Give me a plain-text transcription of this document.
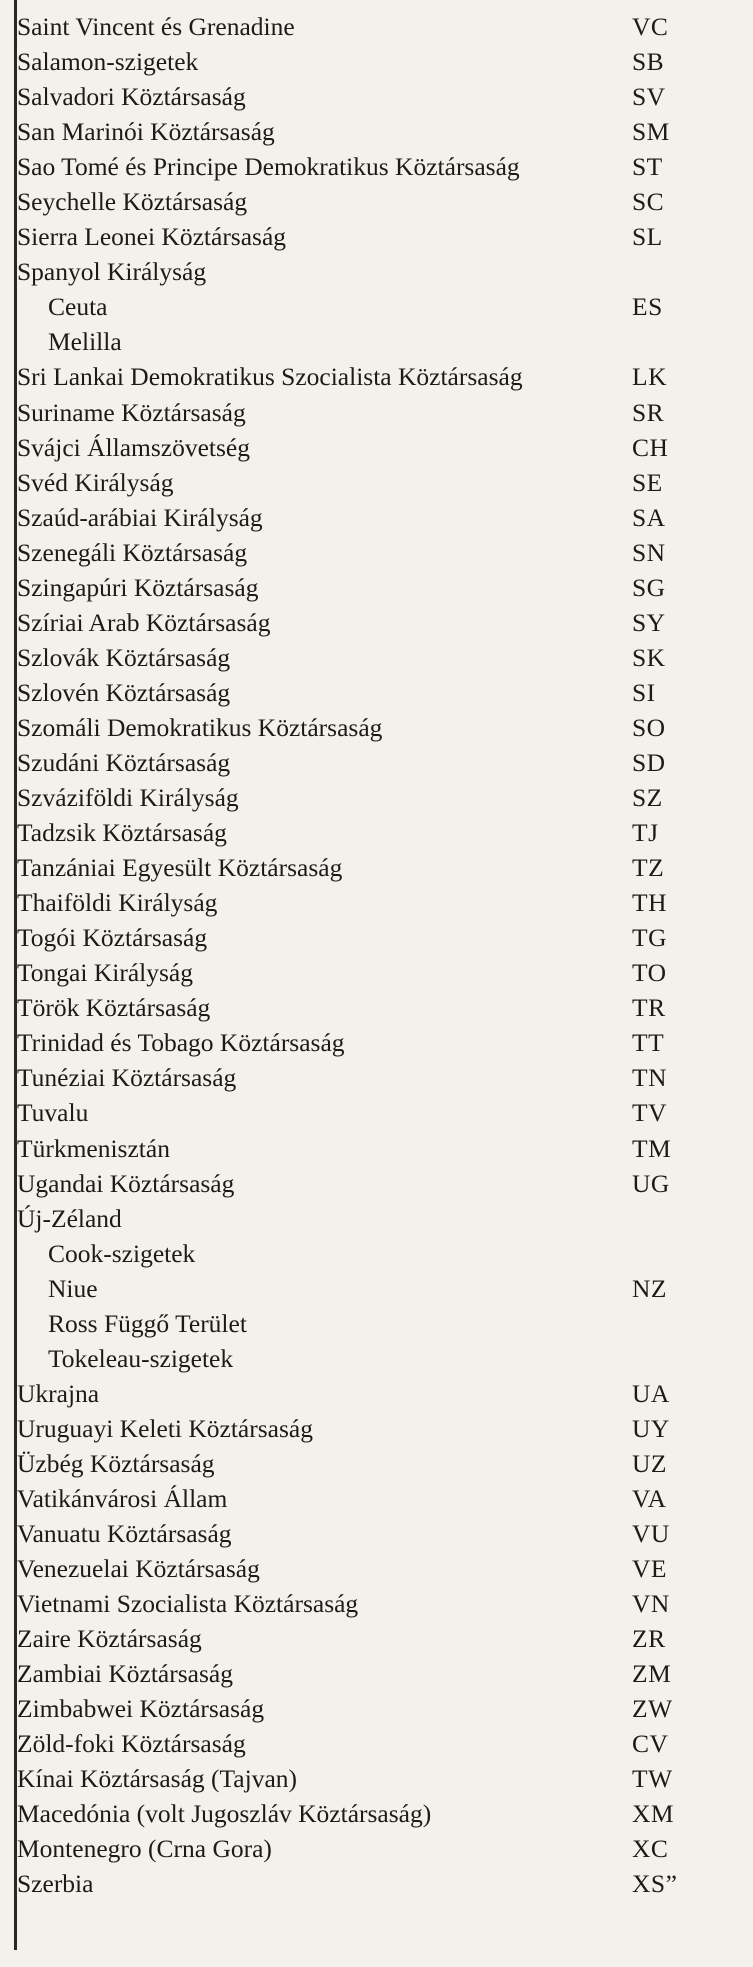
Saint Vincent és Grenadine	VC
Salamon-szigetek	SB
Salvadori Köztársaság	SV
San Marinói Köztársaság	SM
Sao Tomé és Principe Demokratikus Köztársaság	ST
Seychelle Köztársaság	SC
Sierra Leonei Köztársaság	SL
Spanyol Királyság
Ceuta	ES
Melilla
Sri Lankai Demokratikus Szocialista Köztársaság	LK
Suriname Köztársaság	SR
Svájci Államszövetség	CH
Svéd Királyság	SE
Szaúd-arábiai Királyság	SA
Szenegáli Köztársaság	SN
Szingapúri Köztársaság	SG
Szíriai Arab Köztársaság	SY
Szlovák Köztársaság	SK
Szlovén Köztársaság	SI
Szomáli Demokratikus Köztársaság	SO
Szudáni Köztársaság	SD
Szváziföldi Királyság	SZ
Tadzsik Köztársaság	TJ
Tanzániai Egyesült Köztársaság	TZ
Thaiföldi Királyság	TH
Togói Köztársaság	TG
Tongai Királyság	TO
Török Köztársaság	TR
Trinidad és Tobago Köztársaság	TT
Tunéziai Köztársaság	TN
Tuvalu	TV
Türkmenisztán	TM
Ugandai Köztársaság	UG
Új-Zéland
Cook-szigetek
Niue	NZ
Ross Függő Terület
Tokeleau-szigetek
Ukrajna	UA
Uruguayi Keleti Köztársaság	UY
Üzbég Köztársaság	UZ
Vatikánvárosi Állam	VA
Vanuatu Köztársaság	VU
Venezuelai Köztársaság	VE
Vietnami Szocialista Köztársaság	VN
Zaire Köztársaság	ZR
Zambiai Köztársaság	ZM
Zimbabwei Köztársaság	ZW
Zöld-foki Köztársaság	CV
Kínai Köztársaság (Tajvan)	TW
Macedónia (volt Jugoszláv Köztársaság)	XM
Montenegro (Crna Gora)	XC
Szerbia	XS”
